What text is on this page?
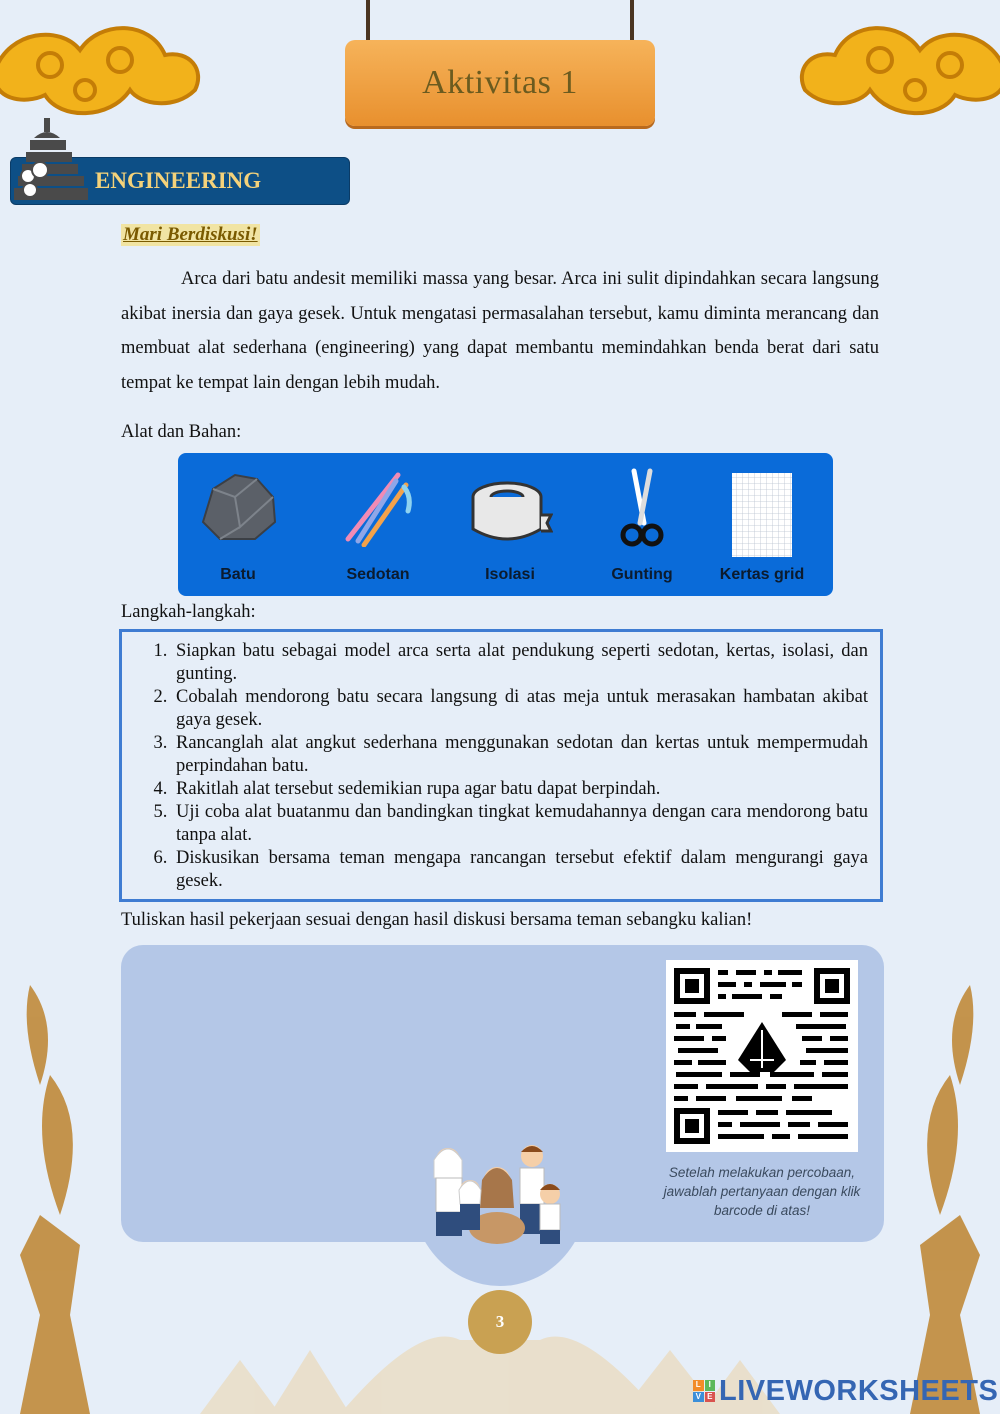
Aktivitas 1
ENGINEERING
Mari Berdiskusi!

Arca dari batu andesit memiliki massa yang besar. Arca ini sulit dipindahkan secara langsung akibat inersia dan gaya gesek. Untuk mengatasi permasalahan tersebut, kamu diminta merancang dan membuat alat sederhana (engineering) yang dapat membantu memindahkan benda berat dari satu tempat ke tempat lain dengan lebih mudah.

Alat dan Bahan:
Batu	Sedotan	Isolasi	Gunting	Kertas grid
Langkah-langkah:
1. Siapkan batu sebagai model arca serta alat pendukung seperti sedotan, kertas, isolasi, dan gunting.
2. Cobalah mendorong batu secara langsung di atas meja untuk merasakan hambatan akibat gaya gesek.
3. Rancanglah alat angkut sederhana menggunakan sedotan dan kertas untuk mempermudah perpindahan batu.
4. Rakitlah alat tersebut sedemikian rupa agar batu dapat berpindah.
5. Uji coba alat buatanmu dan bandingkan tingkat kemudahannya dengan cara mendorong batu tanpa alat.
6. Diskusikan bersama teman mengapa rancangan tersebut efektif dalam mengurangi gaya gesek.
Tuliskan hasil pekerjaan sesuai dengan hasil diskusi bersama teman sebangku kalian!
Setelah melakukan percobaan, jawablah pertanyaan dengan klik barcode di atas!
3
L I
V E LIVEWORKSHEETS
